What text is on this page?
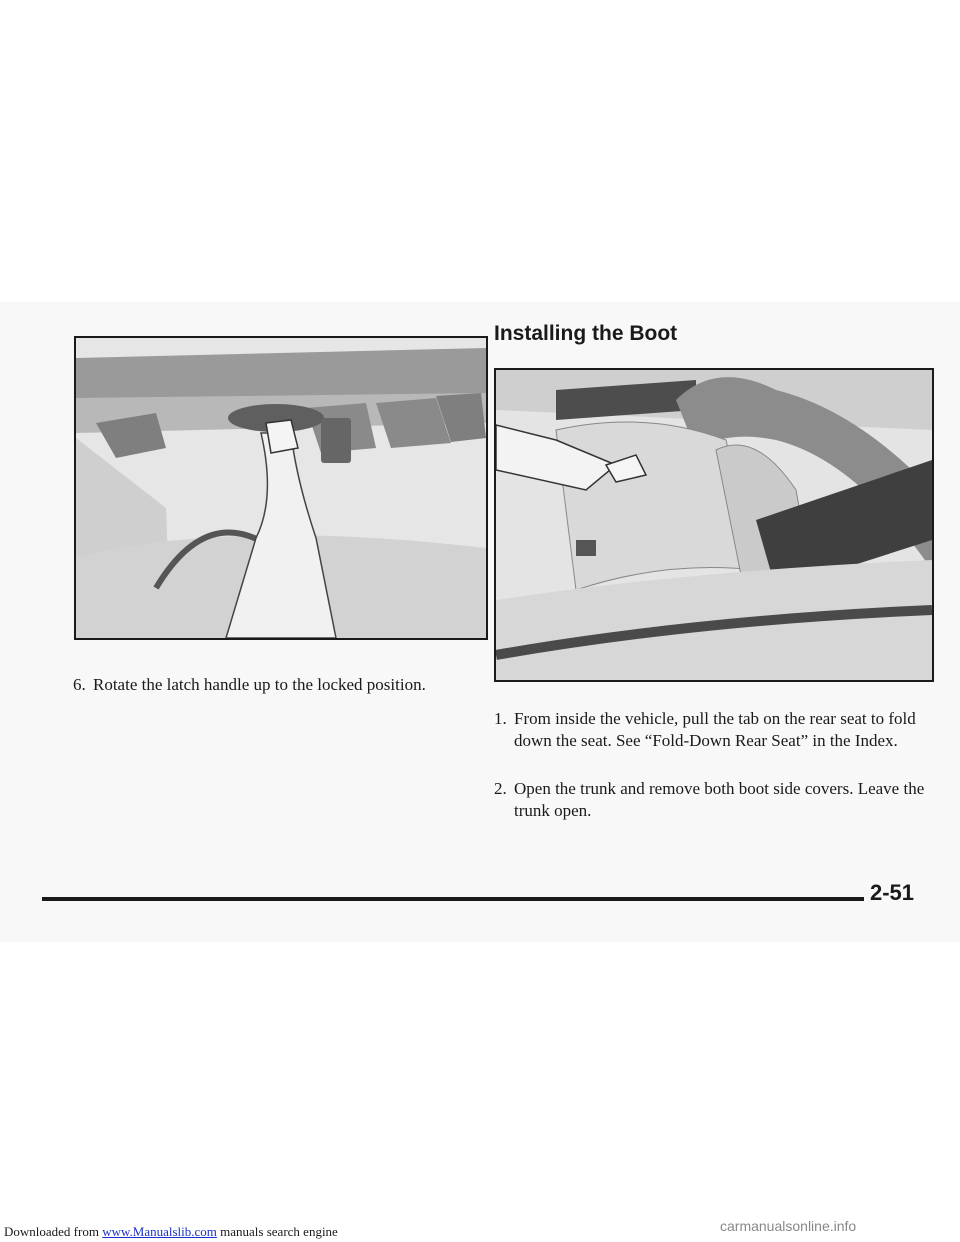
Installing the Boot
6. Rotate the latch handle up to the locked position.
1. From inside the vehicle, pull the tab on the rear seat to fold down the seat. See “Fold-Down Rear Seat” in the Index.
2. Open the trunk and remove both boot side covers. Leave the trunk open.
2-51
Downloaded from www.Manualslib.com manuals search engine	carmanualsonline.info
